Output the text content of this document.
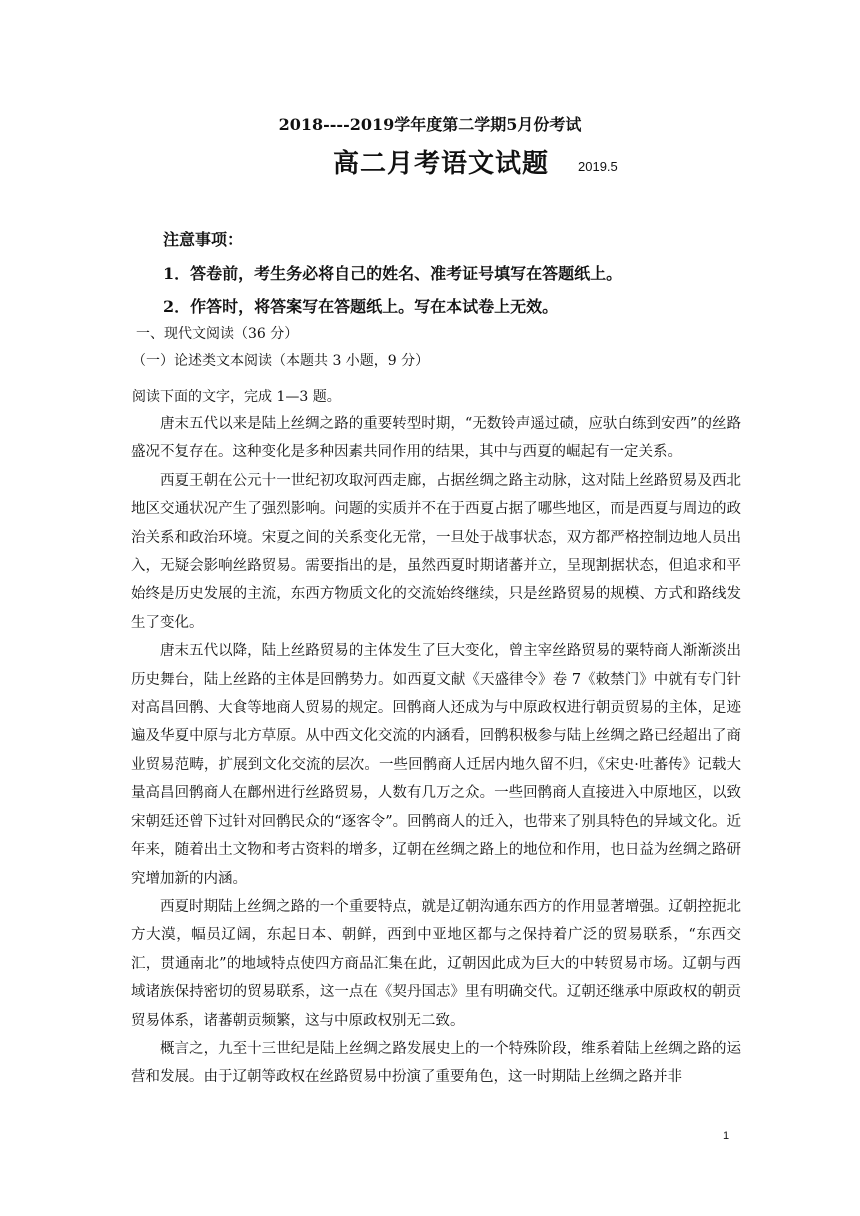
2018----2019学年度第二学期5月份考试
高二月考语文试题 2019.5
注意事项：
1．答卷前，考生务必将自己的姓名、准考证号填写在答题纸上。
2．作答时，将答案写在答题纸上。写在本试卷上无效。
一、现代文阅读（36 分）
（一）论述类文本阅读（本题共 3 小题，9 分）
阅读下面的文字，完成 1—3 题。

唐末五代以来是陆上丝绸之路的重要转型时期，“无数铃声遥过碛，应驮白练到安西”的丝路盛况不复存在。这种变化是多种因素共同作用的结果，其中与西夏的崛起有一定关系。

西夏王朝在公元十一世纪初攻取河西走廊，占据丝绸之路主动脉，这对陆上丝路贸易及西北地区交通状况产生了强烈影响。问题的实质并不在于西夏占据了哪些地区，而是西夏与周边的政治关系和政治环境。宋夏之间的关系变化无常，一旦处于战事状态，双方都严格控制边地人员出入，无疑会影响丝路贸易。需要指出的是，虽然西夏时期诸蕃并立，呈现割据状态，但追求和平始终是历史发展的主流，东西方物质文化的交流始终继续，只是丝路贸易的规模、方式和路线发生了变化。

唐末五代以降，陆上丝路贸易的主体发生了巨大变化，曾主宰丝路贸易的粟特商人渐渐淡出历史舞台，陆上丝路的主体是回鹘势力。如西夏文献《天盛律令》卷 7《敕禁门》中就有专门针对高昌回鹘、大食等地商人贸易的规定。回鹘商人还成为与中原政权进行朝贡贸易的主体，足迹遍及华夏中原与北方草原。从中西文化交流的内涵看，回鹘积极参与陆上丝绸之路已经超出了商业贸易范畴，扩展到文化交流的层次。一些回鹘商人迁居内地久留不归，《宋史·吐蕃传》记载大量高昌回鹘商人在鄜州进行丝路贸易，人数有几万之众。一些回鹘商人直接进入中原地区，以致宋朝廷还曾下过针对回鹘民众的“逐客令”。回鹘商人的迁入，也带来了别具特色的异域文化。近年来，随着出土文物和考古资料的增多，辽朝在丝绸之路上的地位和作用，也日益为丝绸之路研究增加新的内涵。

西夏时期陆上丝绸之路的一个重要特点，就是辽朝沟通东西方的作用显著增强。辽朝控扼北方大漠，幅员辽阔，东起日本、朝鲜，西到中亚地区都与之保持着广泛的贸易联系，“东西交汇，贯通南北”的地域特点使四方商品汇集在此，辽朝因此成为巨大的中转贸易市场。辽朝与西域诸族保持密切的贸易联系，这一点在《契丹国志》里有明确交代。辽朝还继承中原政权的朝贡贸易体系，诸蕃朝贡频繁，这与中原政权别无二致。

概言之，九至十三世纪是陆上丝绸之路发展史上的一个特殊阶段，维系着陆上丝绸之路的运营和发展。由于辽朝等政权在丝路贸易中扮演了重要角色，这一时期陆上丝绸之路并非

1
